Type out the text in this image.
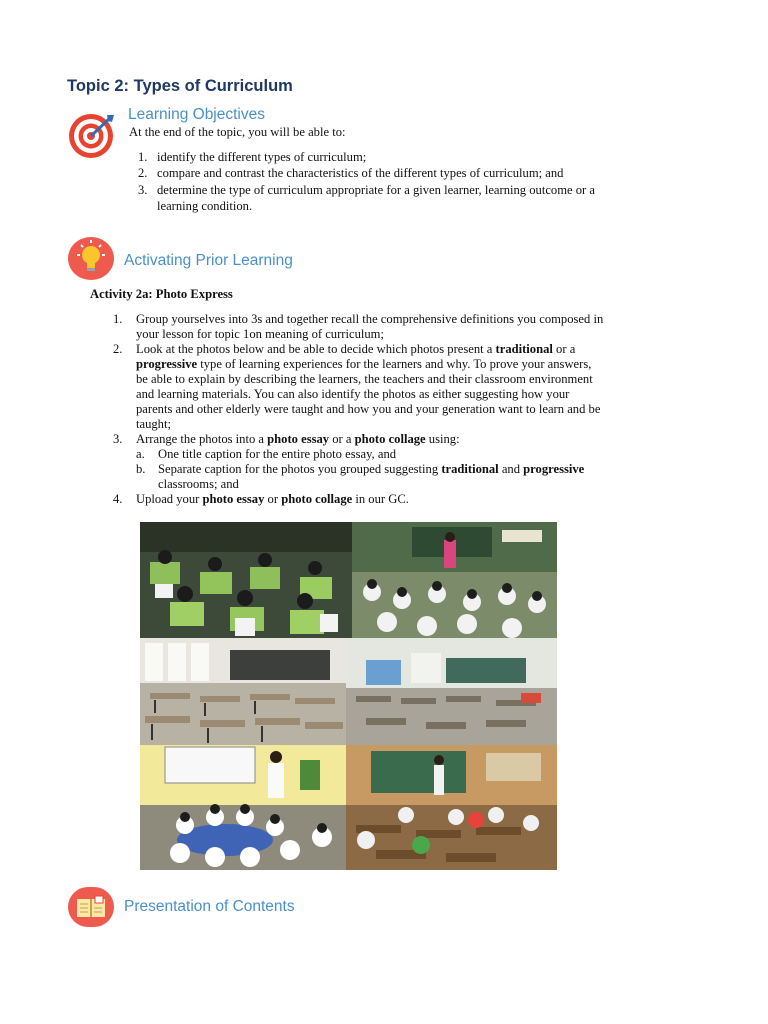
Topic 2: Types of Curriculum
Learning Objectives
At the end of the topic, you will be able to:
1. identify the different types of curriculum;
2. compare and contrast the characteristics of the different types of curriculum; and
3. determine the type of curriculum appropriate for a given learner, learning outcome or a
learning condition.
Activating Prior Learning
Activity 2a: Photo Express
1. Group yourselves into 3s and together recall the comprehensive definitions you composed in
your lesson for topic 1on meaning of curriculum;
2. Look at the photos below and be able to decide which photos present a traditional or a
progressive type of learning experiences for the learners and why. To prove your answers,
be able to explain by describing the learners, the teachers and their classroom environment
and learning materials. You can also identify the photos as either suggesting how your
parents and other elderly were taught and how you and your generation want to learn and be
taught;
3. Arrange the photos into a photo essay or a photo collage using:
a. One title caption for the entire photo essay, and
b. Separate caption for the photos you grouped suggesting traditional and progressive
classrooms; and
4. Upload your photo essay or photo collage in our GC.
Presentation of Contents
